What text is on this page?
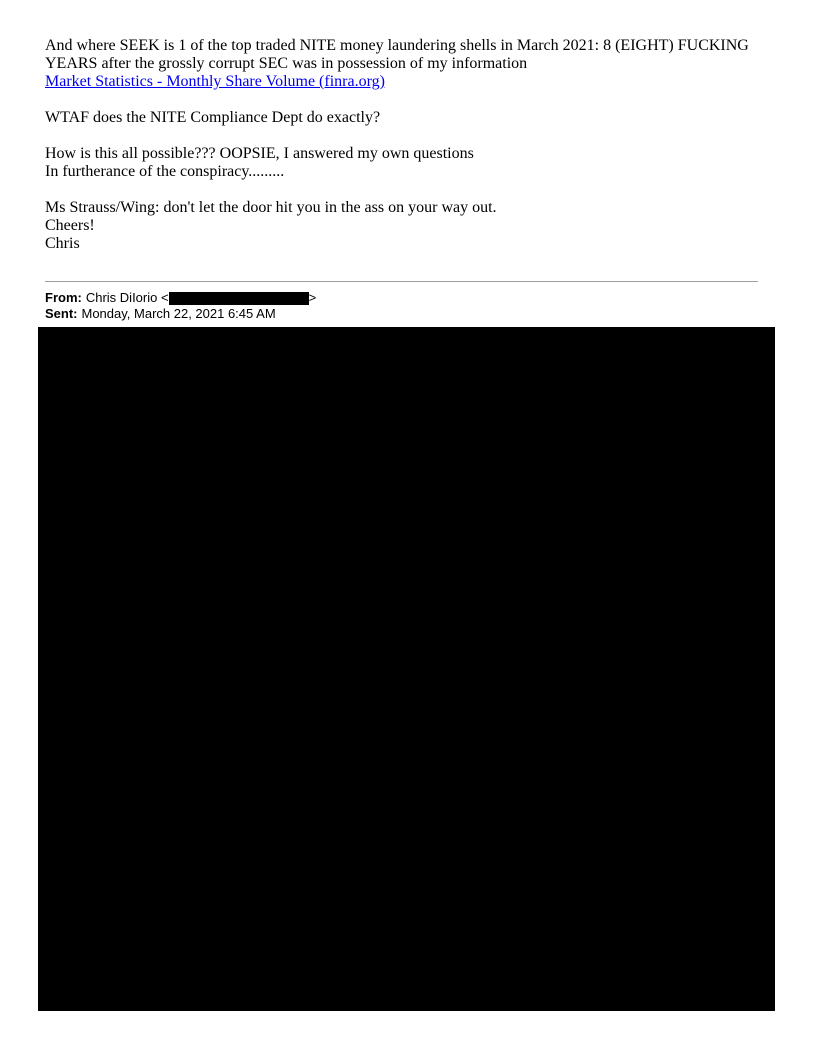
And where SEEK is 1 of the top traded NITE money laundering shells in March 2021: 8 (EIGHT) FUCKING YEARS after the grossly corrupt SEC was in possession of my information

Market Statistics - Monthly Share Volume (finra.org)

WTAF does the NITE Compliance Dept do exactly?

How is this all possible??? OOPSIE, I answered my own questions

In furtherance of the conspiracy.........

Ms Strauss/Wing: don't let the door hit you in the ass on your way out.

Cheers!

Chris

From: Chris DiIorio <	>
Sent: Monday, March 22, 2021 6:45 AM
